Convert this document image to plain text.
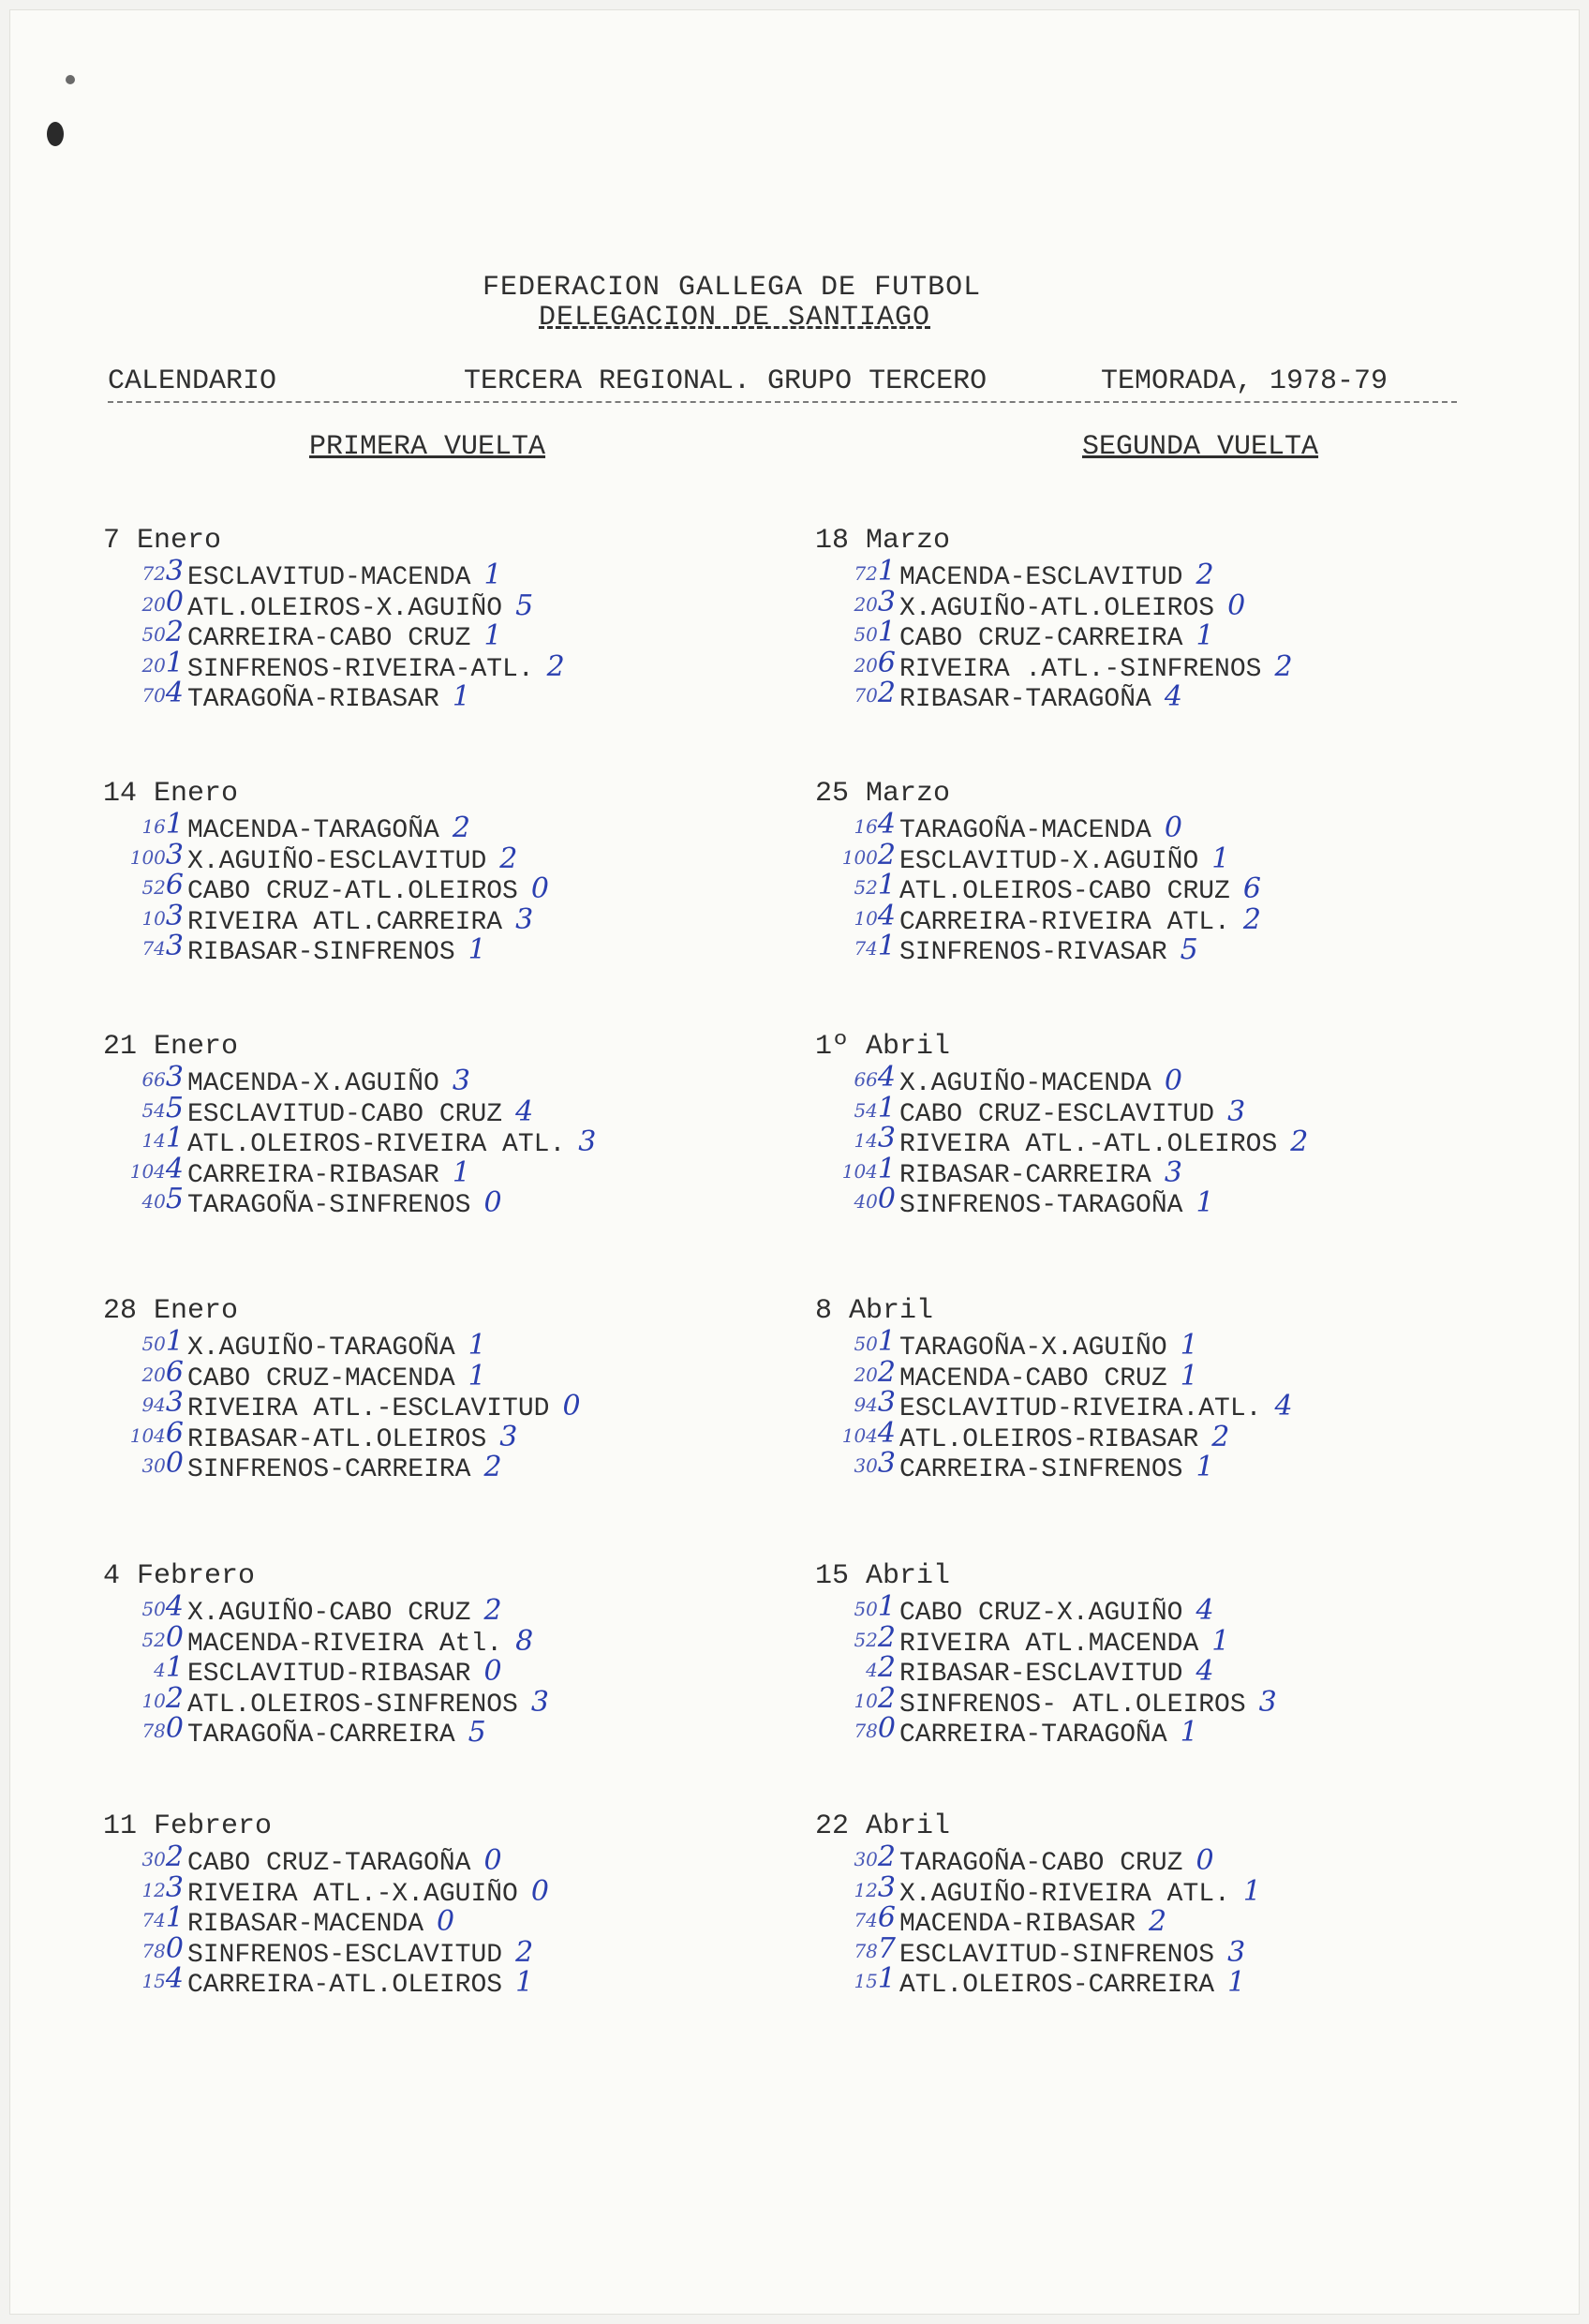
FEDERACION GALLEGA DE FUTBOL
DELEGACION DE SANTIAGO
CALENDARIO	TERCERA REGIONAL. GRUPO TERCERO	TEMORADA, 1978-79
PRIMERA VUELTA	SEGUNDA VUELTA
7 Enero
723 ESCLAVITUD-MACENDA 1
200 ATL.OLEIROS-X.AGUIÑO 5
502 CARREIRA-CABO CRUZ 1
201 SINFRENOS-RIVEIRA-ATL. 2
704 TARAGOÑA-RIBASAR 1
14 Enero
161 MACENDA-TARAGOÑA 2
1003 X.AGUIÑO-ESCLAVITUD 2
526 CABO CRUZ-ATL.OLEIROS 0
103 RIVEIRA ATL.CARREIRA 3
743 RIBASAR-SINFRENOS 1
21 Enero
663 MACENDA-X.AGUIÑO 3
545 ESCLAVITUD-CABO CRUZ 4
141 ATL.OLEIROS-RIVEIRA ATL. 3
1044 CARREIRA-RIBASAR 1
405 TARAGOÑA-SINFRENOS 0
28 Enero
501 X.AGUIÑO-TARAGOÑA 1
206 CABO CRUZ-MACENDA 1
943 RIVEIRA ATL.-ESCLAVITUD 0
1046 RIBASAR-ATL.OLEIROS 3
300 SINFRENOS-CARREIRA 2
4 Febrero
504 X.AGUIÑO-CABO CRUZ 2
520 MACENDA-RIVEIRA Atl. 8
41 ESCLAVITUD-RIBASAR 0
102 ATL.OLEIROS-SINFRENOS 3
780 TARAGOÑA-CARREIRA 5
11 Febrero
302 CABO CRUZ-TARAGOÑA 0
123 RIVEIRA ATL.-X.AGUIÑO 0
741 RIBASAR-MACENDA 0
780 SINFRENOS-ESCLAVITUD 2
154 CARREIRA-ATL.OLEIROS 1
18 Marzo
721 MACENDA-ESCLAVITUD 2
203 X.AGUIÑO-ATL.OLEIROS 0
501 CABO CRUZ-CARREIRA 1
206 RIVEIRA .ATL.-SINFRENOS 2
702 RIBASAR-TARAGOÑA 4
25 Marzo
164 TARAGOÑA-MACENDA 0
1002 ESCLAVITUD-X.AGUIÑO 1
521 ATL.OLEIROS-CABO CRUZ 6
104 CARREIRA-RIVEIRA ATL. 2
741 SINFRENOS-RIVASAR 5
1º Abril
664 X.AGUIÑO-MACENDA 0
541 CABO CRUZ-ESCLAVITUD 3
143 RIVEIRA ATL.-ATL.OLEIROS 2
1041 RIBASAR-CARREIRA 3
400 SINFRENOS-TARAGOÑA 1
8 Abril
501 TARAGOÑA-X.AGUIÑO 1
202 MACENDA-CABO CRUZ 1
943 ESCLAVITUD-RIVEIRA.ATL. 4
1044 ATL.OLEIROS-RIBASAR 2
303 CARREIRA-SINFRENOS 1
15 Abril
501 CABO CRUZ-X.AGUIÑO 4
522 RIVEIRA ATL.MACENDA 1
42 RIBASAR-ESCLAVITUD 4
102 SINFRENOS- ATL.OLEIROS 3
780 CARREIRA-TARAGOÑA 1
22 Abril
302 TARAGOÑA-CABO CRUZ 0
123 X.AGUIÑO-RIVEIRA ATL. 1
746 MACENDA-RIBASAR 2
787 ESCLAVITUD-SINFRENOS 3
151 ATL.OLEIROS-CARREIRA 1
